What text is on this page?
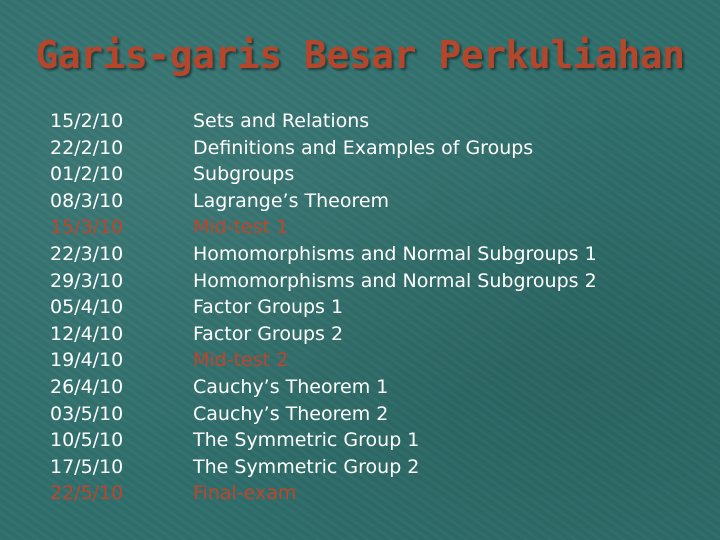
Garis-garis Besar Perkuliahan
15/2/10
22/2/10
01/2/10
08/3/10
15/3/10
22/3/10
29/3/10
05/4/10
12/4/10
19/4/10
26/4/10
03/5/10
10/5/10
17/5/10
22/5/10
Sets and Relations
Definitions and Examples of Groups
Subgroups
Lagrange’s Theorem
Mid-test 1
Homomorphisms and Normal Subgroups 1
Homomorphisms and Normal Subgroups 2
Factor Groups 1
Factor Groups 2
Mid-test 2
Cauchy’s Theorem 1
Cauchy’s Theorem 2
The Symmetric Group 1
The Symmetric Group 2
Final-exam
